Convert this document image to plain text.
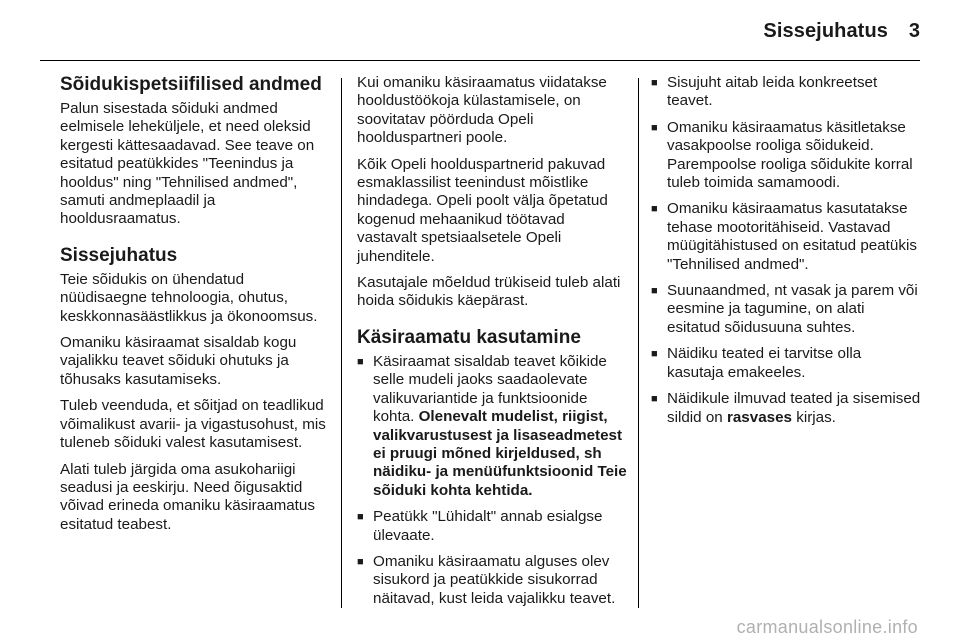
Sissejuhatus 3
Sõidukispetsiifilised andmed

Palun sisestada sõiduki andmed eelmisele leheküljele, et need oleksid kergesti kättesaadavad. See teave on esitatud peatükkides "Teenindus ja hooldus" ning "Tehnilised andmed", samuti andmeplaadil ja hooldusraamatus.

Sissejuhatus

Teie sõidukis on ühendatud nüüdisaegne tehnoloogia, ohutus, keskkonnasäästlikkus ja ökonoomsus.

Omaniku käsiraamat sisaldab kogu vajalikku teavet sõiduki ohutuks ja tõhusaks kasutamiseks.

Tuleb veenduda, et sõitjad on teadlikud võimalikust avarii- ja vigastusohust, mis tuleneb sõiduki valest kasutamisest.

Alati tuleb järgida oma asukohariigi seadusi ja eeskirju. Need õigusaktid võivad erineda omaniku käsiraamatus esitatud teabest.

Kui omaniku käsiraamatus viidatakse hooldustöökoja külastamisele, on soovitatav pöörduda Opeli hoolduspartneri poole.

Kõik Opeli hoolduspartnerid pakuvad esmaklassilist teenindust mõistlike hindadega. Opeli poolt välja õpetatud kogenud mehaanikud töötavad vastavalt spetsiaalsetele Opeli juhenditele.

Kasutajale mõeldud trükiseid tuleb alati hoida sõidukis käepärast.

Käsiraamatu kasutamine
■ Käsiraamat sisaldab teavet kõikide selle mudeli jaoks saadaolevate valikuvariantide ja funktsioonide kohta. Olenevalt mudelist, riigist, valikvarustusest ja lisaseadmetest ei pruugi mõned kirjeldused, sh näidiku- ja menüüfunktsioonid Teie sõiduki kohta kehtida.
■ Peatükk "Lühidalt" annab esialgse ülevaate.
■ Omaniku käsiraamatu alguses olev sisukord ja peatükkide sisukorrad näitavad, kust leida vajalikku teavet.
■ Sisujuht aitab leida konkreetset teavet.
■ Omaniku käsiraamatus käsitletakse vasakpoolse rooliga sõidukeid. Parempoolse rooliga sõidukite korral tuleb toimida samamoodi.
■ Omaniku käsiraamatus kasutatakse tehase mootoritähiseid. Vastavad müügitähistused on esitatud peatükis "Tehnilised andmed".
■ Suunaandmed, nt vasak ja parem või eesmine ja tagumine, on alati esitatud sõidusuuna suhtes.
■ Näidiku teated ei tarvitse olla kasutaja emakeeles.
■ Näidikule ilmuvad teated ja sisemised sildid on rasvases kirjas.
carmanualsonline.info
